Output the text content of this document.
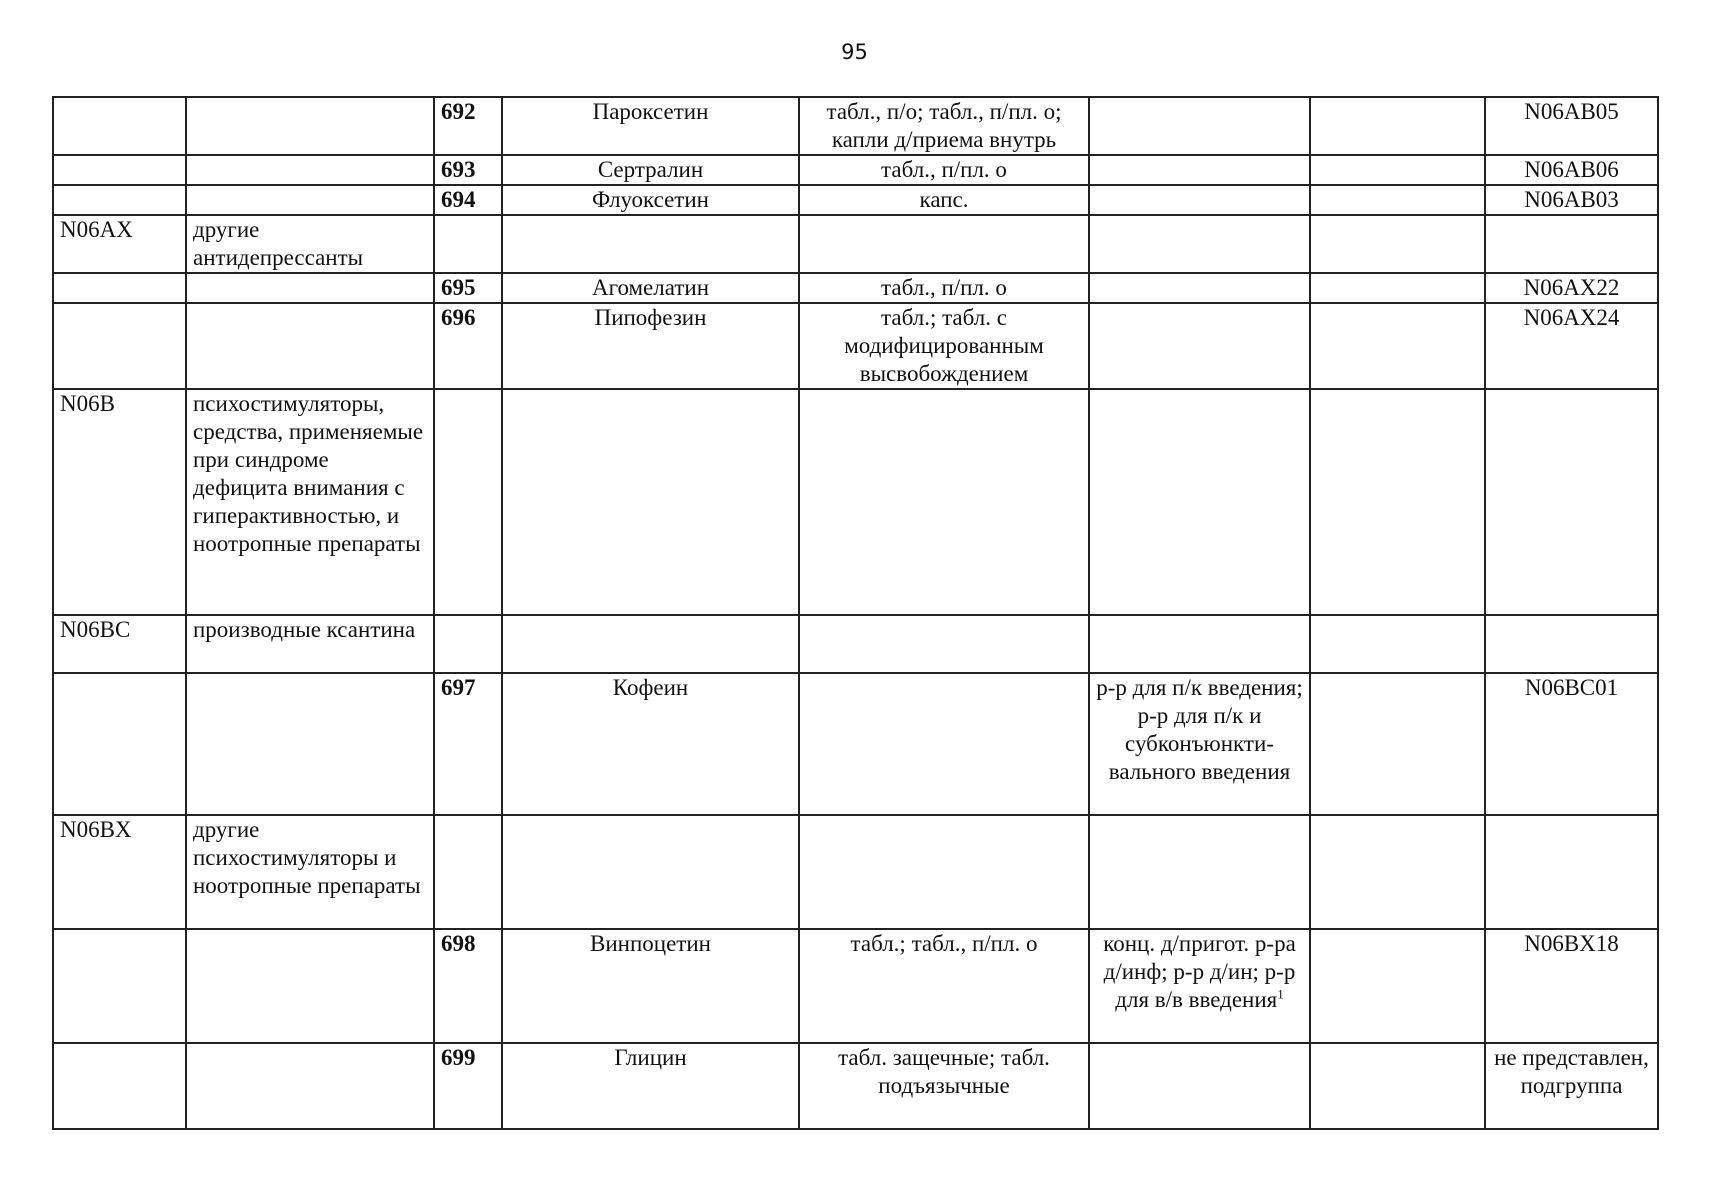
95
		692	Пароксетин	табл., п/о; табл., п/пл. о; капли д/приема внутрь			N06AB05
		693	Сертралин	табл., п/пл. о			N06AB06
		694	Флуоксетин	капс.			N06AB03
N06AX	другие антидепрессанты						
		695	Агомелатин	табл., п/пл. о			N06AX22
		696	Пипофезин	табл.; табл. с модифицированным высвобождением			N06AX24
N06B	психостимуляторы, средства, применяемые при синдроме дефицита внимания с гиперактивностью, и ноотропные препараты						
N06BC	производные ксантина						
		697	Кофеин		р-р для п/к введения; р-р для п/к и субконъюнкти-вального введения		N06BC01
N06BX	другие психостимуляторы и ноотропные препараты						
		698	Винпоцетин	табл.; табл., п/пл. о	конц. д/пригот. р-ра д/инф; р-р д/ин; р-р для в/в введения$^1$		N06BX18
		699	Глицин	табл. защечные; табл. подъязычные			не представлен, подгруппа
